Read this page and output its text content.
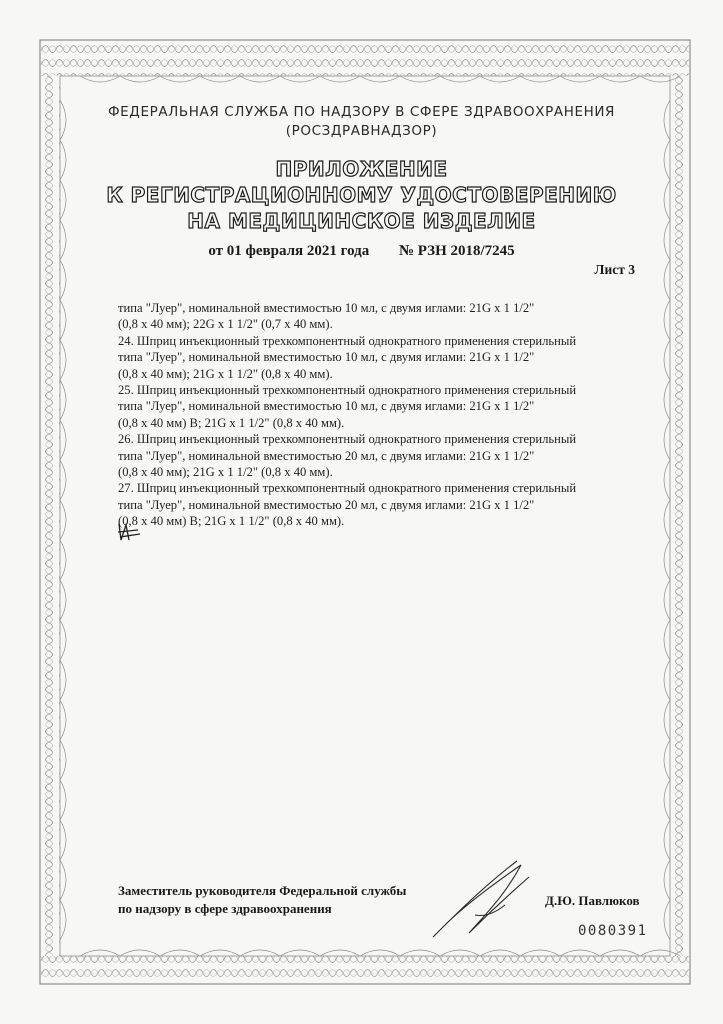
ФЕДЕРАЛЬНАЯ СЛУЖБА ПО НАДЗОРУ В СФЕРЕ ЗДРАВООХРАНЕНИЯ
(РОСЗДРАВНАДЗОР)
ПРИЛОЖЕНИЕ
К РЕГИСТРАЦИОННОМУ УДОСТОВЕРЕНИЮ
НА МЕДИЦИНСКОЕ ИЗДЕЛИЕ
от 01 февраля 2021 года № РЗН 2018/7245
Лист 3

типа "Луер", номинальной вместимостью 10 мл, с двумя иглами: 21G x 1 1/2"

(0,8 x 40 мм); 22G x 1 1/2" (0,7 x 40 мм).

24. Шприц инъекционный трехкомпонентный однократного применения стерильный

типа "Луер", номинальной вместимостью 10 мл, с двумя иглами: 21G x 1 1/2"

(0,8 x 40 мм); 21G x 1 1/2" (0,8 x 40 мм).

25. Шприц инъекционный трехкомпонентный однократного применения стерильный

типа "Луер", номинальной вместимостью 10 мл, с двумя иглами: 21G x 1 1/2"

(0,8 x 40 мм) B; 21G x 1 1/2" (0,8 x 40 мм).

26. Шприц инъекционный трехкомпонентный однократного применения стерильный

типа "Луер", номинальной вместимостью 20 мл, с двумя иглами: 21G x 1 1/2"

(0,8 x 40 мм); 21G x 1 1/2" (0,8 x 40 мм).

27. Шприц инъекционный трехкомпонентный однократного применения стерильный

типа "Луер", номинальной вместимостью 20 мл, с двумя иглами: 21G x 1 1/2"

(0,8 x 40 мм) B; 21G x 1 1/2" (0,8 x 40 мм).

Заместитель руководителя Федеральной службы
по надзору в сфере здравоохранения
Д.Ю. Павлюков
0080391
